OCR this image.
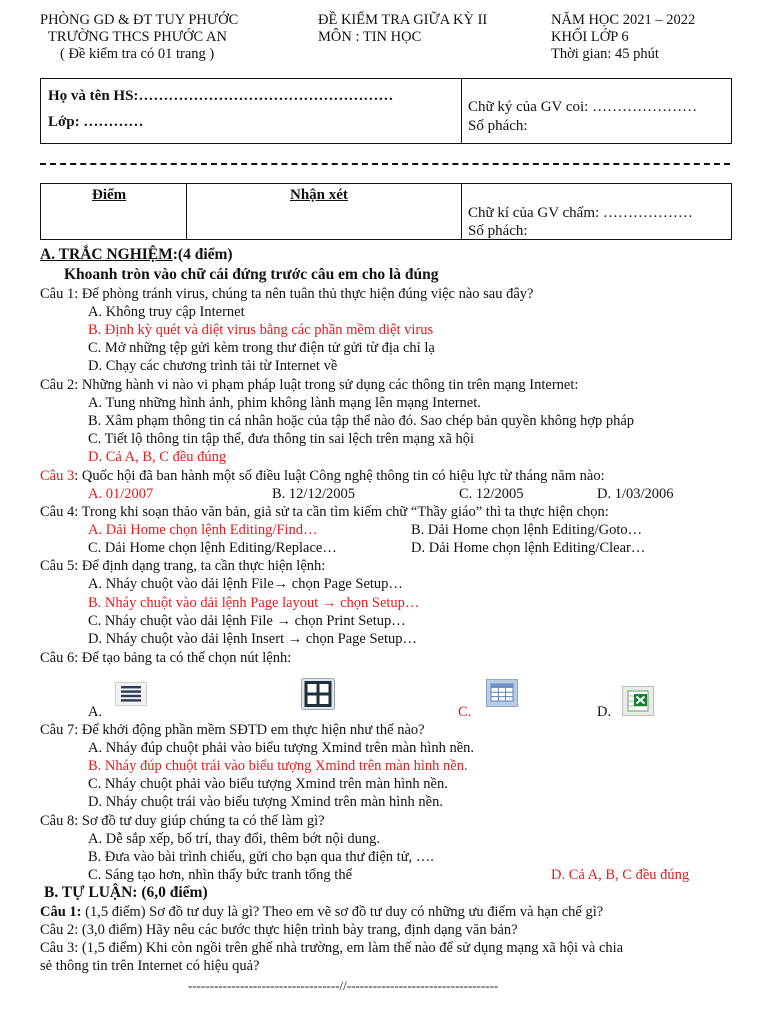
PHÒNG GD & ĐT TUY PHƯỚC
TRƯỜNG THCS PHƯỚC AN
( Đề kiểm tra có 01 trang )
ĐỀ KIỂM TRA GIỮA KỲ II
MÔN : TIN HỌC
NĂM HỌC 2021 – 2022
KHỐI LỚP 6
Thời gian: 45 phút
Họ và tên HS:……………………………………………
Lớp: …………
Chữ ký của GV coi: …………………
Số phách:
Điểm	Nhận xét
Chữ kí của GV chấm: ………………
Số phách:
A. TRẮC NGHIỆM:(4 điểm)
Khoanh tròn vào chữ cái đứng trước câu em cho là đúng
Câu 1: Để phòng tránh virus, chúng ta nên tuân thủ thực hiện đúng việc nào sau đây?
A. Không truy cập Internet
B. Định kỳ quét và diệt virus bằng các phần mềm diệt virus
C. Mở những tệp gửi kèm trong thư điện tử gửi từ địa chỉ lạ
D. Chạy các chương trình tải từ Internet về
Câu 2: Những hành vi nào vi phạm pháp luật trong sử dụng các thông tin trên mạng Internet:
A. Tung những hình ảnh, phim không lành mạng lên mạng Internet.
B. Xâm phạm thông tin cá nhân hoặc của tập thể nào đó. Sao chép bản quyền không hợp pháp
C. Tiết lộ thông tin tập thể, đưa thông tin sai lệch trên mạng xã hội
D. Cả A, B, C đều đúng
Câu 3: Quốc hội đã ban hành một số điều luật Công nghệ thông tin có hiệu lực từ tháng năm nào:
A. 01/2007	B. 12/12/2005	C. 12/2005	D. 1/03/2006
Câu 4: Trong khi soạn thảo văn bản, giả sử ta cần tìm kiếm chữ “Thầy giáo” thì ta thực hiện chọn:
A. Dải Home chọn lệnh Editing/Find…	B. Dải Home chọn lệnh Editing/Goto…
C. Dải Home chọn lệnh Editing/Replace…	D. Dải Home chọn lệnh Editing/Clear…
Câu 5: Để định dạng trang, ta cần thực hiện lệnh:
A. Nháy chuột vào dải lệnh File→ chọn Page Setup…
B. Nháy chuột vào dải lệnh Page layout → chọn Setup…
C. Nháy chuột vào dải lệnh File → chọn Print Setup…
D. Nháy chuột vào dải lệnh Insert → chọn Page Setup…
Câu 6: Để tạo bảng ta có thể chọn nút lệnh:
A.	C.	D.
Câu 7: Để khởi động phần mềm SĐTD em thực hiện như thế nào?
A. Nháy đúp chuột phải vào biểu tượng Xmind trên màn hình nền.
B. Nháy đúp chuột trái vào biểu tượng Xmind trên màn hình nền.
C. Nháy chuột phải vào biểu tượng Xmind trên màn hình nền.
D. Nháy chuột trái vào biểu tượng Xmind trên màn hình nền.
Câu 8: Sơ đồ tư duy giúp chúng ta có thể làm gì?
A. Dễ sắp xếp, bố trí, thay đổi, thêm bớt nội dung.
B. Đưa vào bài trình chiếu, gửi cho bạn qua thư điện tử, ….
C. Sáng tạo hơn, nhìn thấy bức tranh tổng thể	D. Cả A, B, C đều đúng
B. TỰ LUẬN: (6,0 điểm)
Câu 1: (1,5 điểm) Sơ đồ tư duy là gì? Theo em vẽ sơ đồ tư duy có những ưu điểm và hạn chế gì?
Câu 2: (3,0 điểm) Hãy nêu các bước thực hiện trình bày trang, định dạng văn bản?
Câu 3: (1,5 điểm) Khi còn ngồi trên ghế nhà trường, em làm thế nào để sử dụng mạng xã hội và chia
sẻ thông tin trên Internet có hiệu quả?
-----------------------------------//-----------------------------------
